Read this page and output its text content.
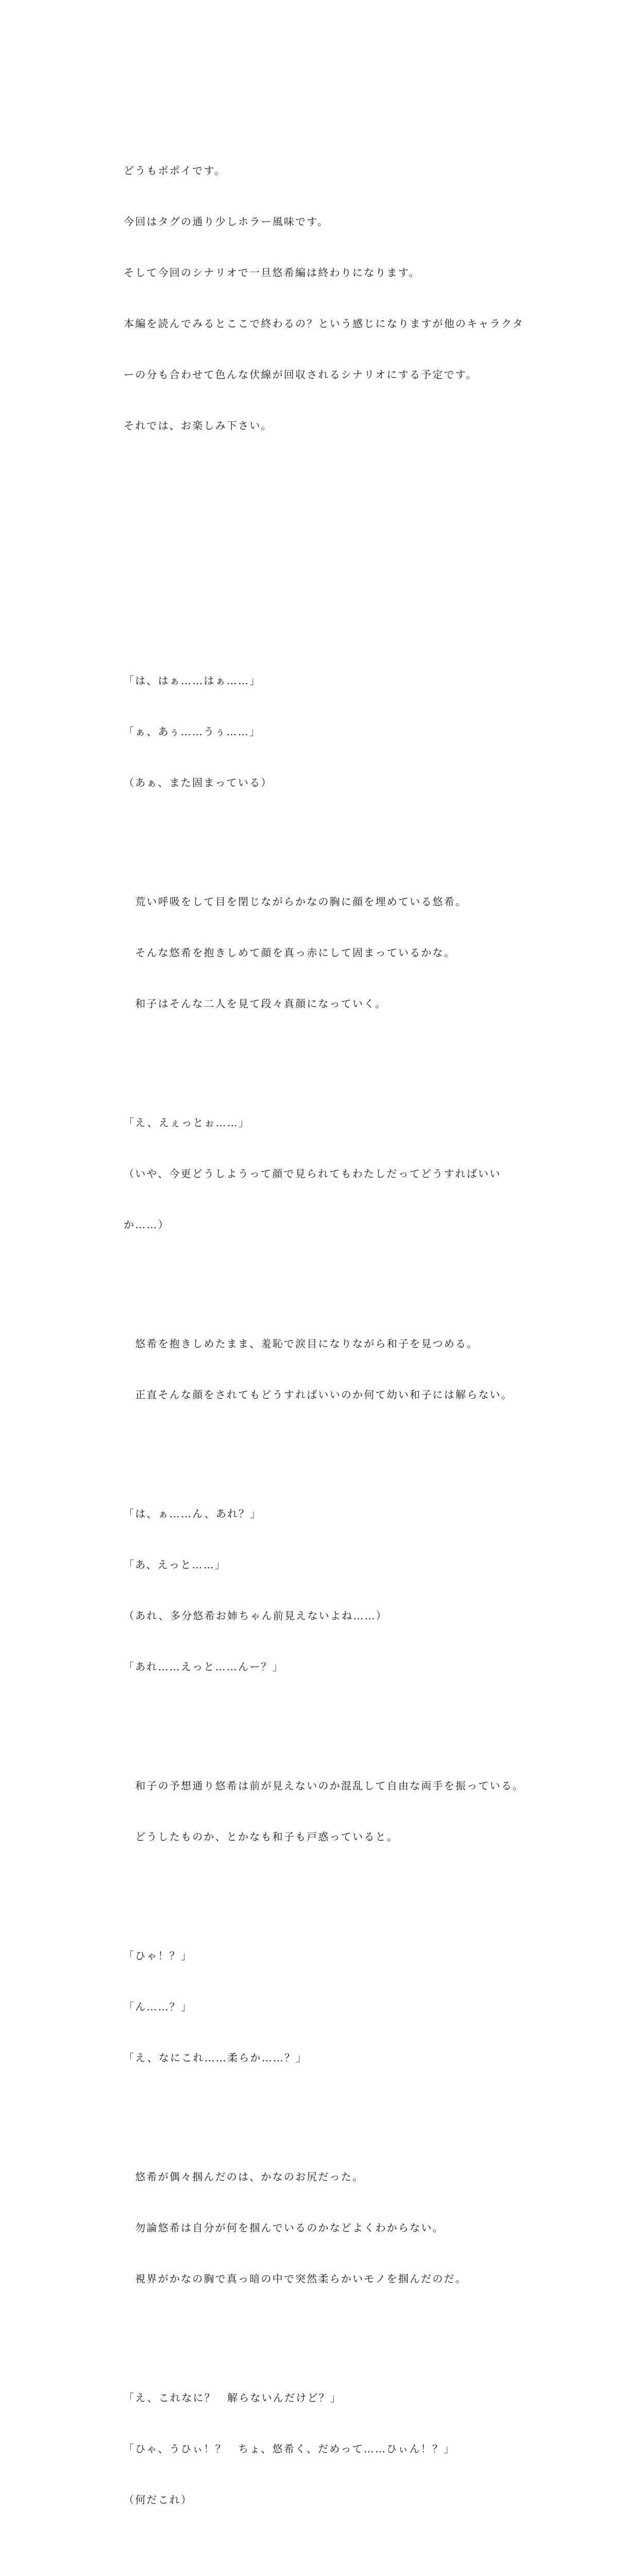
どうもポポイです。

今回はタグの通り少しホラー風味です。

そして今回のシナリオで一旦悠希編は終わりになります。

本編を読んでみるとここで終わるの？という感じになりますが他のキャラクタ

ーの分も合わせて色んな伏線が回収されるシナリオにする予定です。

それでは、お楽しみ下さい。

「は、はぁ……はぁ……」

「ぁ、あぅ……うぅ……」

（あぁ、また固まっている）

　荒い呼吸をして目を閉じながらかなの胸に顔を埋めている悠希。

　そんな悠希を抱きしめて顔を真っ赤にして固まっているかな。

　和子はそんな二人を見て段々真顔になっていく。

「え、えぇっとぉ……」

（いや、今更どうしようって顔で見られてもわたしだってどうすればいい

か……）

　悠希を抱きしめたまま、羞恥で涙目になりながら和子を見つめる。

　正直そんな顔をされてもどうすればいいのか何て幼い和子には解らない。

「は、ぁ……ん、あれ？」

「あ、えっと……」

（あれ、多分悠希お姉ちゃん前見えないよね……）

「あれ……えっと……んー？」

　和子の予想通り悠希は前が見えないのか混乱して自由な両手を振っている。

　どうしたものか、とかなも和子も戸惑っていると。

「ひゃ！？」

「ん……？」

「え、なにこれ……柔らか……？」

　悠希が偶々掴んだのは、かなのお尻だった。

　勿論悠希は自分が何を掴んでいるのかなどよくわからない。

　視界がかなの胸で真っ暗の中で突然柔らかいモノを掴んだのだ。

「え、これなに？　解らないんだけど？」

「ひゃ、うひぃ！？　ちょ、悠希く、だめって……ひぃん！？」

（何だこれ）
